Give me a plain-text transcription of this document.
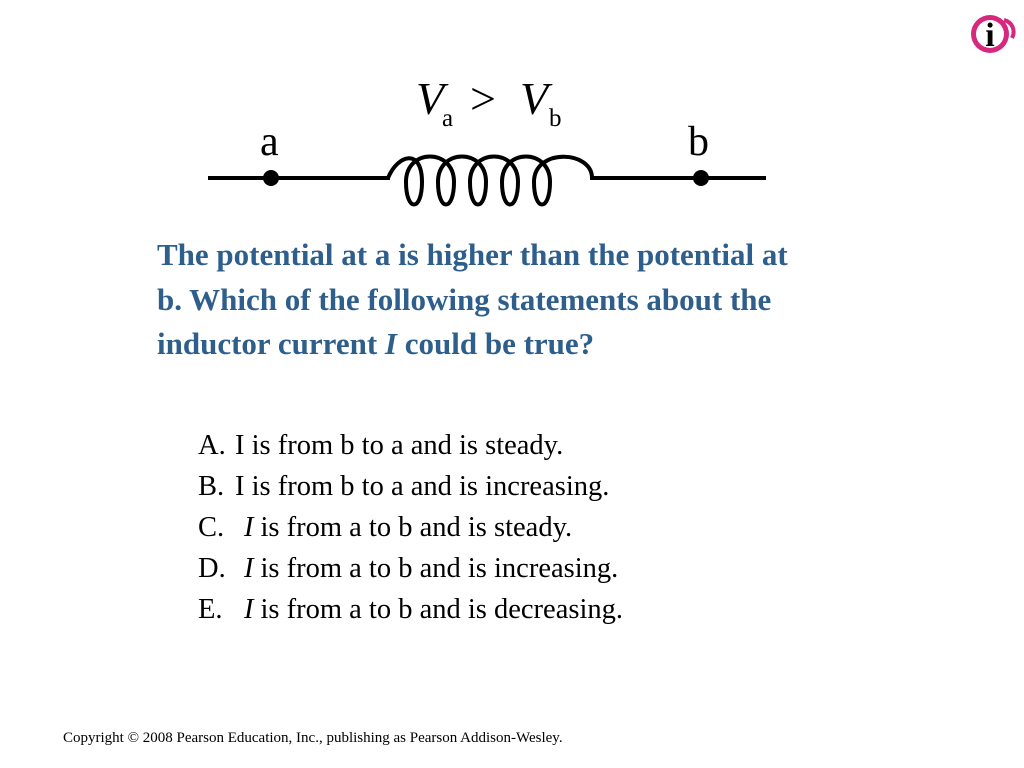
i
V
a > V b
a	b

The potential at a is higher than the potential at b. Which of the following statements about the inductor current I could be true?

A. I is from b to a and is steady.
B. I is from b to a and is increasing.
C. I is from a to b and is steady.
D. I is from a to b and is increasing.
E. I is from a to b and is decreasing.
Copyright © 2008 Pearson Education, Inc., publishing as Pearson Addison-Wesley.
